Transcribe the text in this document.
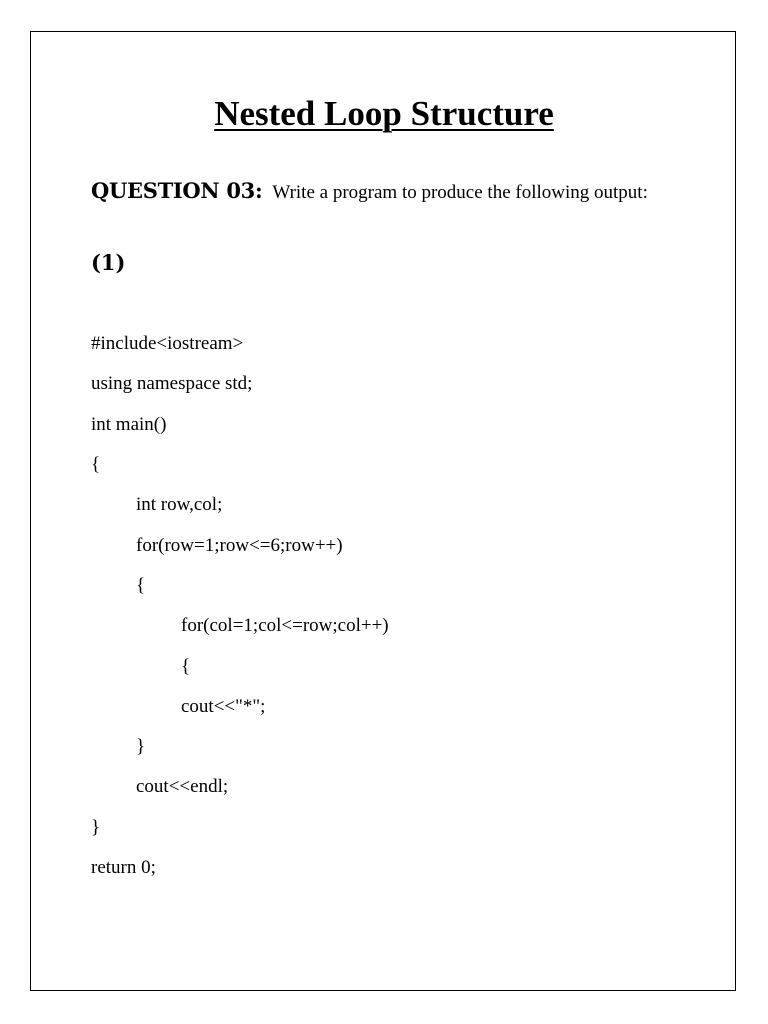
Nested Loop Structure
QUESTION 03: Write a program to produce the following output:
(1)
#include<iostream>
using namespace std;
int main()
{
int row,col;
for(row=1;row<=6;row++)
{
for(col=1;col<=row;col++)
{
cout<<"*";
}
cout<<endl;
}
return 0;
